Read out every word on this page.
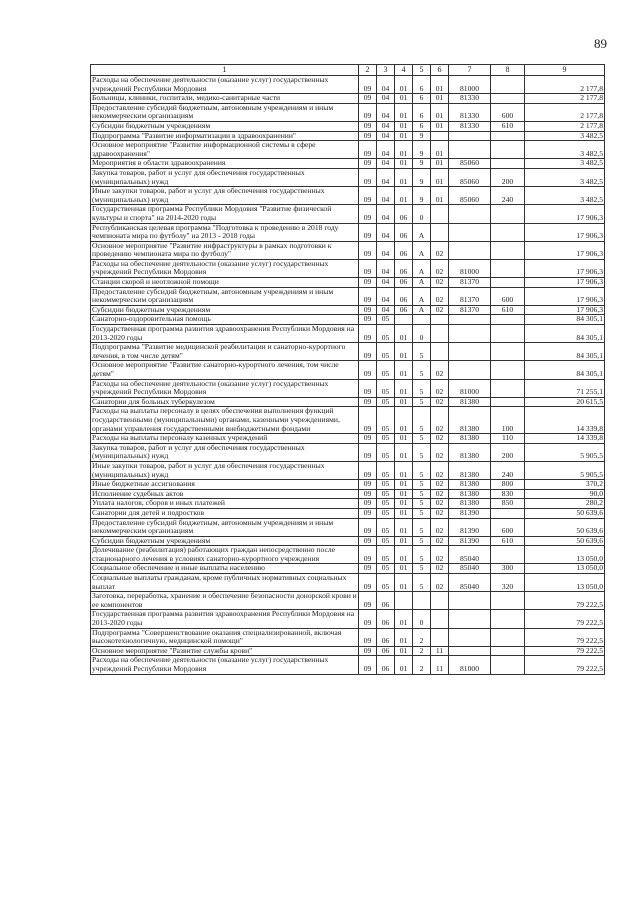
89
1	2	3	4	5	6	7	8	9
Расходы на обеспечение деятельности (оказание услуг) государственных учреждений Республики Мордовия	09	04	01	6	01	81000		2 177,8
Больницы, клиники, госпитали, медико-санитарные части	09	04	01	6	01	81330		2 177,8
Предоставление субсидий бюджетным, автономным учреждениям и иным некоммерческим организациям	09	04	01	6	01	81330	600	2 177,8
Субсидии бюджетным учреждениям	09	04	01	6	01	81330	610	2 177,8
Подпрограмма "Развитие информатизации в здравоохранении"	09	04	01	9				3 482,5
Основное мероприятие "Развитие информационной системы в сфере здравоохранения"	09	04	01	9	01			3 482,5
Мероприятия в области здравоохранения	09	04	01	9	01	85060		3 482,5
Закупка товаров, работ и услуг для обеспечения государственных (муниципальных) нужд	09	04	01	9	01	85060	200	3 482,5
Иные закупки товаров, работ и услуг для обеспечения государственных (муниципальных) нужд	09	04	01	9	01	85060	240	3 482,5
Государственная программа Республики Мордовия "Развитие физической культуры и спорта" на 2014-2020 годы	09	04	06	0				17 906,3
Республиканская целевая программа "Подготовка к проведению в 2018 году чемпионата мира по футболу" на 2013 - 2018 годы	09	04	06	А				17 906,3
Основное мероприятие "Развитие инфраструктуры в рамках подготовки к проведению чемпионата мира по футболу"	09	04	06	А	02			17 906,3
Расходы на обеспечение деятельности (оказание услуг) государственных учреждений Республики Мордовия	09	04	06	А	02	81000		17 906,3
Станции скорой и неотложной помощи	09	04	06	А	02	81370		17 906,3
Предоставление субсидий бюджетным, автономным учреждениям и иным некоммерческим организациям	09	04	06	А	02	81370	600	17 906,3
Субсидии бюджетным учреждениям	09	04	06	А	02	81370	610	17 906,3
Санаторно-оздоровительная помощь	09	05						84 305,1
Государственная программа развития здравоохранения Республики Мордовия на 2013-2020 годы	09	05	01	0				84 305,1
Подпрограмма "Развитие медицинской реабилитации и санаторно-курортного лечения, в том числе детям"	09	05	01	5				84 305,1
Основное мероприятие "Развитие санаторно-курортного лечения, том числе детям"	09	05	01	5	02			84 305,1
Расходы на обеспечение деятельности (оказание услуг) государственных учреждений Республики Мордовия	09	05	01	5	02	81000		71 255,1
Санатории для больных туберкулезом	09	05	01	5	02	81380		20 615,5
Расходы на выплаты персоналу в целях обеспечения выполнения функций государственными (муниципальными) органами, казенными учреждениями, органами управления государственными внебюджетными фондами	09	05	01	5	02	81380	100	14 339,8
Расходы на выплаты персоналу казенных учреждений	09	05	01	5	02	81380	110	14 339,8
Закупка товаров, работ и услуг для обеспечения государственных (муниципальных) нужд	09	05	01	5	02	81380	200	5 905,5
Иные закупки товаров, работ и услуг для обеспечения государственных (муниципальных) нужд	09	05	01	5	02	81380	240	5 905,5
Иные бюджетные ассигнования	09	05	01	5	02	81380	800	370,2
Исполнение судебных актов	09	05	01	5	02	81380	830	90,0
Уплата налогов, сборов и иных платежей	09	05	01	5	02	81380	850	280,2
Санатории для детей и подростков	09	05	01	5	02	81390		50 639,6
Предоставление субсидий бюджетным, автономным учреждениям и иным некоммерческим организациям	09	05	01	5	02	81390	600	50 639,6
Субсидии бюджетным учреждениям	09	05	01	5	02	81390	610	50 639,6
Долечивание (реабилитация) работающих граждан непосредственно после стационарного лечения в условиях санаторно-курортного учреждения	09	05	01	5	02	85040		13 050,0
Социальное обеспечение и иные выплаты населению	09	05	01	5	02	85040	300	13 050,0
Социальные выплаты гражданам, кроме публичных нормативных социальных выплат	09	05	01	5	02	85040	320	13 050,0
Заготовка, переработка, хранение и обеспечение безопасности донорской крови и ее компонентов	09	06						79 222,5
Государственная программа развития здравоохранения Республики Мордовия на 2013-2020 годы	09	06	01	0				79 222,5
Подпрограмма "Совершенствование оказания специализированной, включая высокотехнологичную, медицинской помощи"	09	06	01	2				79 222,5
Основное мероприятие "Развитие службы крови"	09	06	01	2	11			79 222,5
Расходы на обеспечение деятельности (оказание услуг) государственных учреждений Республики Мордовия	09	06	01	2	11	81000		79 222,5
